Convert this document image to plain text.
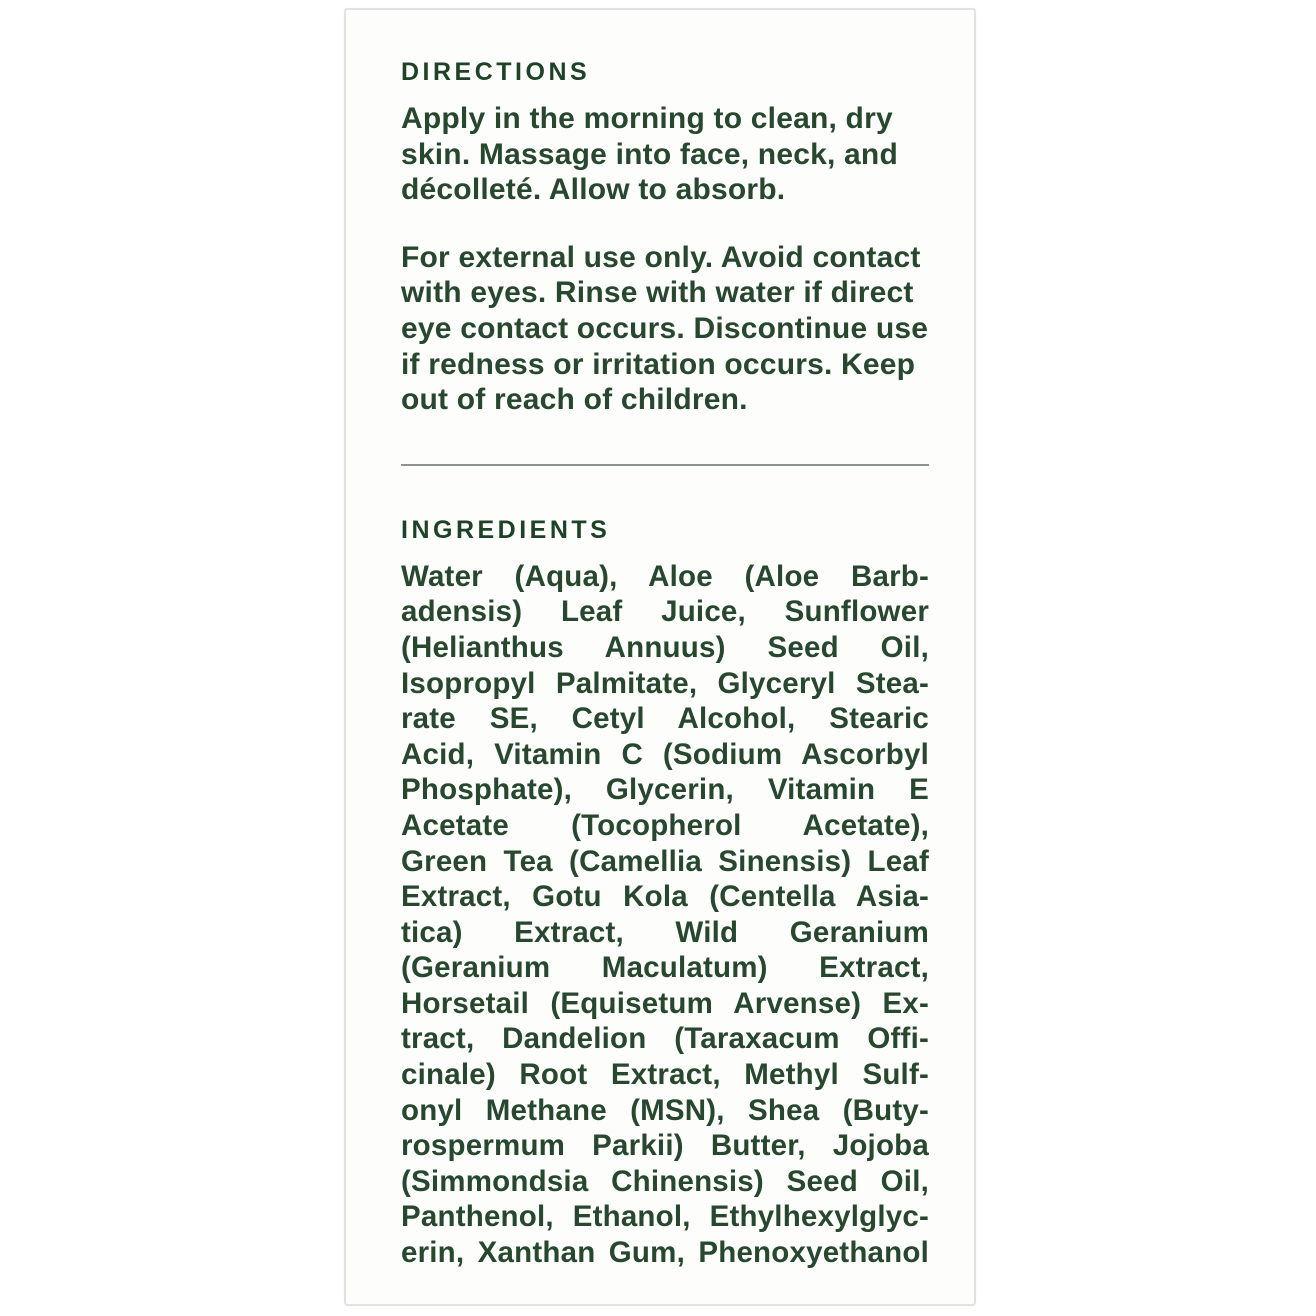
DIRECTIONS
Apply in the morning to clean, dry
skin. Massage into face, neck, and
décolleté. Allow to absorb.
For external use only. Avoid contact
with eyes. Rinse with water if direct
eye contact occurs. Discontinue use
if redness or irritation occurs. Keep
out of reach of children.
INGREDIENTS
Water (Aqua), Aloe (Aloe Barb-
adensis) Leaf Juice, Sunflower
(Helianthus Annuus) Seed Oil,
Isopropyl Palmitate, Glyceryl Stea-
rate SE, Cetyl Alcohol, Stearic
Acid, Vitamin C (Sodium Ascorbyl
Phosphate), Glycerin, Vitamin E
Acetate (Tocopherol Acetate),
Green Tea (Camellia Sinensis) Leaf
Extract, Gotu Kola (Centella Asia-
tica) Extract, Wild Geranium
(Geranium Maculatum) Extract,
Horsetail (Equisetum Arvense) Ex-
tract, Dandelion (Taraxacum Offi-
cinale) Root Extract, Methyl Sulf-
onyl Methane (MSN), Shea (Buty-
rospermum Parkii) Butter, Jojoba
(Simmondsia Chinensis) Seed Oil,
Panthenol, Ethanol, Ethylhexylglyc-
erin, Xanthan Gum, Phenoxyethanol
